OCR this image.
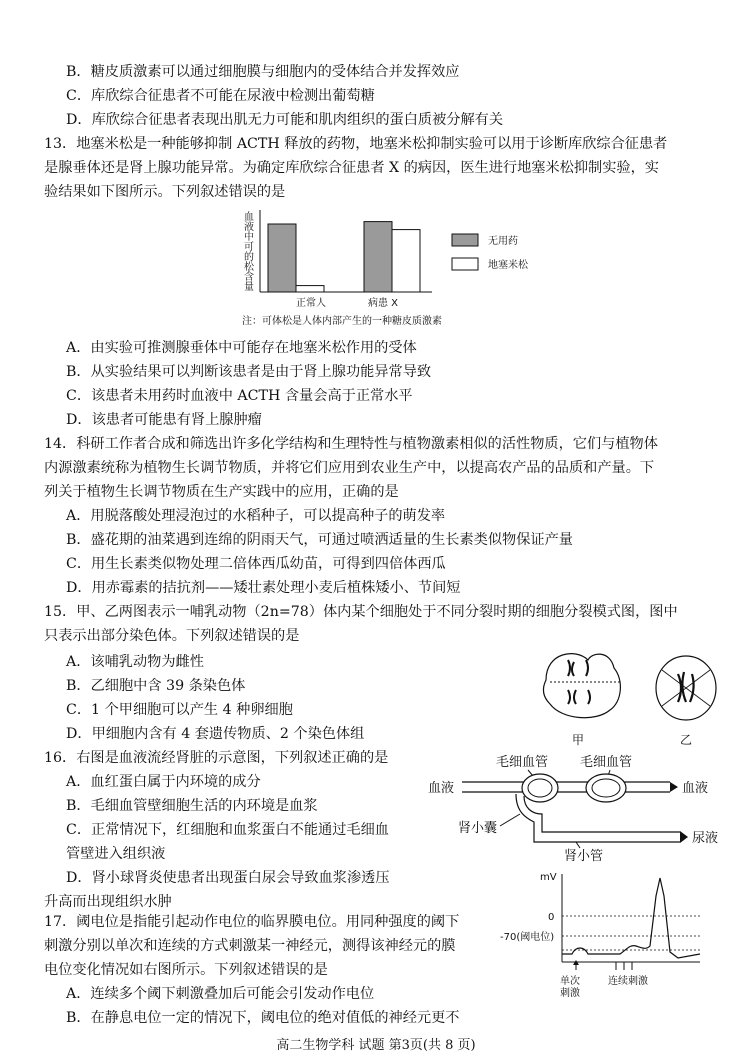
B．糖皮质激素可以通过细胞膜与细胞内的受体结合并发挥效应
C．库欣综合征患者不可能在尿液中检测出葡萄糖
D．库欣综合征患者表现出肌无力可能和肌肉组织的蛋白质被分解有关
13．地塞米松是一种能够抑制 ACTH 释放的药物，地塞米松抑制实验可以用于诊断库欣综合征患者
是腺垂体还是肾上腺功能异常。为确定库欣综合征患者 X 的病因，医生进行地塞米松抑制实验，实
验结果如下图所示。下列叙述错误的是
血液中可的松含量
正常人	病患 X
无用药
地塞米松
注：可体松是人体内部产生的一种糖皮质激素
A．由实验可推测腺垂体中可能存在地塞米松作用的受体
B．从实验结果可以判断该患者是由于肾上腺功能异常导致
C．该患者未用药时血液中 ACTH 含量会高于正常水平
D．该患者可能患有肾上腺肿瘤
14．科研工作者合成和筛选出许多化学结构和生理特性与植物激素相似的活性物质，它们与植物体
内源激素统称为植物生长调节物质，并将它们应用到农业生产中，以提高农产品的品质和产量。下
列关于植物生长调节物质在生产实践中的应用，正确的是
A．用脱落酸处理浸泡过的水稻种子，可以提高种子的萌发率
B．盛花期的油菜遇到连绵的阴雨天气，可通过喷洒适量的生长素类似物保证产量
C．用生长素类似物处理二倍体西瓜幼苗，可得到四倍体西瓜
D．用赤霉素的拮抗剂——矮壮素处理小麦后植株矮小、节间短
15．甲、乙两图表示一哺乳动物（2n=78）体内某个细胞处于不同分裂时期的细胞分裂模式图，图中
只表示出部分染色体。下列叙述错误的是
A．该哺乳动物为雌性
B．乙细胞中含 39 条染色体
C．1 个甲细胞可以产生 4 种卵细胞
D．甲细胞内含有 4 套遗传物质、2 个染色体组	甲	乙
16．右图是血液流经肾脏的示意图，下列叙述正确的是
A．血红蛋白属于内环境的成分
B．毛细血管壁细胞生活的内环境是血浆
C．正常情况下，红细胞和血浆蛋白不能通过毛细血
管壁进入组织液
D．肾小球肾炎使患者出现蛋白尿会导致血浆渗透压
升高而出现组织水肿
毛细血管 毛细血管
血液	血液
肾小囊
肾小管
尿液
17．阈电位是指能引起动作电位的临界膜电位。用同种强度的阈下
刺激分别以单次和连续的方式刺激某一神经元，测得该神经元的膜
电位变化情况如右图所示。下列叙述错误的是
A．连续多个阈下刺激叠加后可能会引发动作电位
B．在静息电位一定的情况下，阈电位的绝对值低的神经元更不
mV
0
-70(阈电位)
单次 刺激
连续刺激
高二生物学科 试题 第3页(共 8 页)
